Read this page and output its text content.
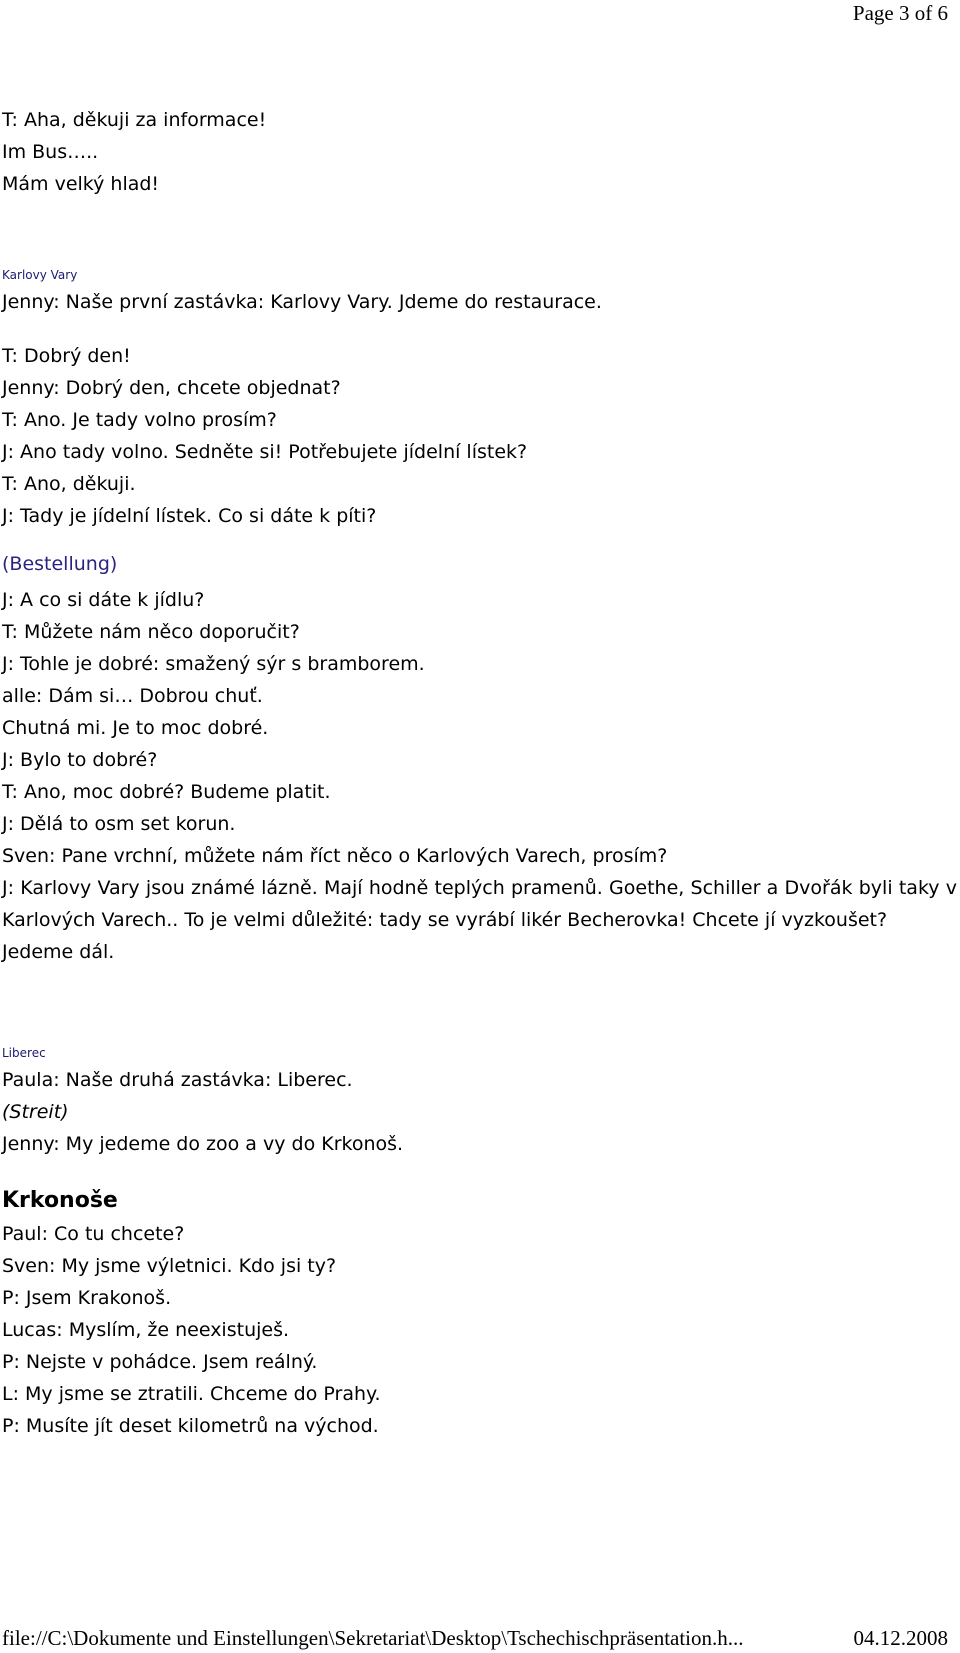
Page 3 of 6
T: Aha, děkuji za informace!
Im Bus…..
Mám velký hlad!
Karlovy Vary
Jenny: Naše první zastávka: Karlovy Vary. Jdeme do restaurace.
T: Dobrý den!
Jenny: Dobrý den, chcete objednat?
T: Ano. Je tady volno prosím?
J: Ano tady volno. Sedněte si! Potřebujete jídelní lístek?
T: Ano, děkuji.
J: Tady je jídelní lístek. Co si dáte k píti?
(Bestellung)
J: A co si dáte k jídlu?
T: Můžete nám něco doporučit?
J: Tohle je dobré: smažený sýr s bramborem.
alle: Dám si… Dobrou chuť.
Chutná mi. Je to moc dobré.
J: Bylo to dobré?
T: Ano, moc dobré? Budeme platit.
J: Dělá to osm set korun.
Sven: Pane vrchní, můžete nám říct něco o Karlových Varech, prosím?
J: Karlovy Vary jsou známé lázně. Mají hodně teplých pramenů. Goethe, Schiller a Dvořák byli taky v Karlových Varech.. To je velmi důležité: tady se vyrábí likér Becherovka! Chcete jí vyzkoušet?
Jedeme dál.
Liberec
Paula: Naše druhá zastávka: Liberec.
(Streit)
Jenny: My jedeme do zoo a vy do Krkonoš.
Krkonoše
Paul: Co tu chcete?
Sven: My jsme výletnici. Kdo jsi ty?
P: Jsem Krakonoš.
Lucas: Myslím, že neexistuješ.
P: Nejste v pohádce. Jsem reálný.
L: My jsme se ztratili. Chceme do Prahy.
P: Musíte jít deset kilometrů na východ.
file://C:\Dokumente und Einstellungen\Sekretariat\Desktop\Tschechischpräsentation.h...	04.12.2008
